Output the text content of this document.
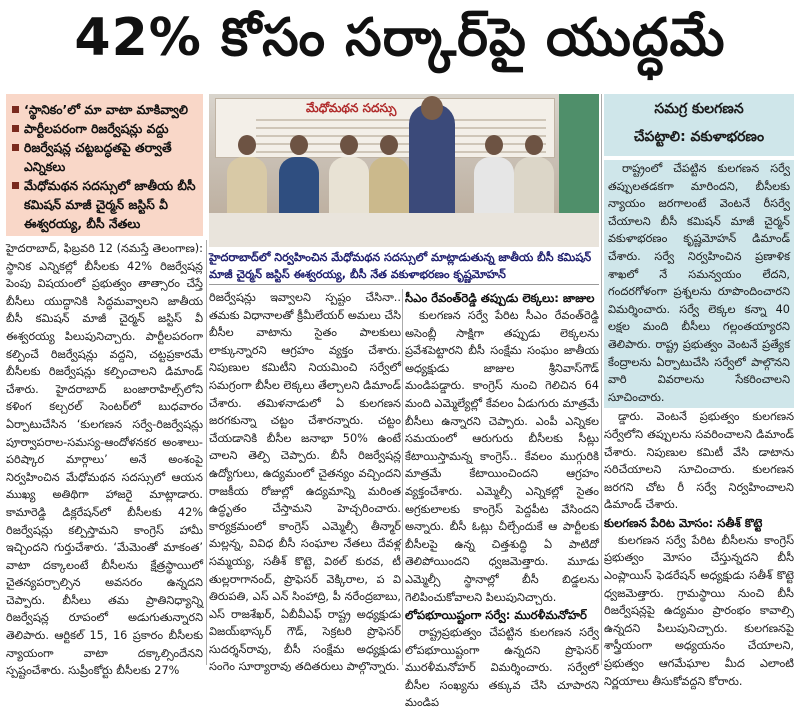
42% కోసం సర్కార్‌పై యుద్ధమే
‘స్థానికం’లో మా వాటా మాకివ్వాలి
పార్టీలపరంగా రిజర్వేషన్లు వద్దు
రిజర్వేషన్ల చట్టబద్ధతపై తర్వాతే ఎన్నికలు
మేధోమథన సదస్సులో జాతీయ బీసీ కమిషన్ మాజీ చైర్మన్ జస్టిస్ వీ ఈశ్వరయ్య, బీసీ నేతలు
మేధోమథన సదస్సు
హైదరాబాద్‌లో నిర్వహించిన మేధోమథన సదస్సులో మాట్లాడుతున్న జాతీయ బీసీ కమిషన్ మాజీ చైర్మన్ జస్టిస్ ఈశ్వరయ్య, బీసీ నేత వకుళాభరణం కృష్ణమోహన్
సమగ్ర కులగణన
చేపట్టాలి: వకుళాభరణం

హైదరాబాద్, ఫిబ్రవరి 12 (నమస్తే తెలంగాణ): స్థానిక ఎన్నికల్లో బీసీలకు 42% రిజర్వేషన్ల పెంపు విషయంలో ప్రభుత్వం తాత్సారం చేస్తే బీసీలు యుద్ధానికి సిద్ధమవ్వాలని జాతీయ బీసీ కమిషన్ మాజీ చైర్మన్ జస్టిస్ వీ ఈశ్వరయ్య పిలుపునిచ్చారు. పార్టీలపరంగా కల్పించే రిజర్వేషన్లు వద్దని, చట్టప్రకారమే బీసీలకు రిజర్వేషన్లు కల్పించాలని డిమాండ్ చేశారు. హైదరాబాద్ బంజారాహిల్స్‌లోని కళింగ కల్చరల్ సెంటర్‌లో బుధవారం ఏర్పాటుచేసిన ‘కులగణన సర్వే-రిజర్వేషన్లు పూర్వాపరాల-సమస్య-ఆందోళనకర అంశాలు-పరిష్కార మార్గాలు’ అనే అంశంపై నిర్వహించిన మేధోమథన సదస్సులో ఆయన ముఖ్య అతిథిగా హాజరై మాట్లాడారు. కామారెడ్డి డిక్లరేషన్‌లో బీసీలకు 42% రిజర్వేషన్లు కల్పిస్తామని కాంగ్రెస్ హామీ ఇచ్చిందని గుర్తుచేశారు. ‘మేమెంతో మాకంత’ వాటా దక్కాలంటే బీసీలను క్షేత్రస్థాయిలో చైతన్యపర్చాల్సిన అవసరం ఉన్నదని చెప్పారు. బీసీలు తమ ప్రాతినిధ్యాన్ని రిజర్వేషన్ల రూపంలో అడుగుతున్నారని తెలిపారు. ఆర్టికల్ 15, 16 ప్రకారం బీసీలకు న్యాయంగా వాటా దక్కాల్సిందేనని స్పష్టంచేశారు. సుప్రీంకోర్టు బీసీలకు 27%

రిజర్వేషన్లు ఇవ్వాలని స్పష్టం చేసినా.. తమకు విధానాలతో క్రీమీలేయర్ అమలు చేసి బీసీల వాటాను సైతం పాలకులు లాక్కున్నారని ఆగ్రహం వ్యక్తం చేశారు. నిపుణుల కమిటీని నియమించి సర్వేలో సమగ్రంగా బీసీల లెక్కలు తేల్చాలని డిమాండ్ చేశారు. తమిళనాడులో ఏ కులగణన జరగకున్నా చట్టం చేశారన్నారు. చట్టం చేయడానికి బీసీల జనాభా 50% ఉంటే చాలని తెల్పి చెప్పారు. బీసీ రిజర్వేషన్ల ఉద్యోగులు, ఉద్యమంలో చైతన్యం వచ్చిందని రాజకీయ రోజుల్లో ఉద్యమాన్ని మరింత ఉద్ధృతం చేస్తామని హెచ్చరించారు. కార్యక్రమంలో కాంగ్రెస్ ఎమ్మెల్సీ తీన్మార్ మల్లన్న, వివిధ బీసీ సంఘాల నేతలు దేవళ్ల సమ్మయ్య, సతీశ్ కొట్టె, విఠల్ కురవ, టీ తుల్లరాగానంద్, ప్రొఫెసర్ వెక్కిరాల, ప వి తిరుపతి, ఎస్ ఎన్ సింహాద్రి, పీ నరేంద్రబాబు, ఎస్ రాజశేఖర్, ఏబీవీఎఫ్ రాష్ట్ర అధ్యక్షుడు విజయ్‌భాస్కర్ గౌడ్, సెక్రటరి ప్రొఫెసర్ సుదర్శన్‌రావు, బీసీ సంక్షేమ అధ్యక్షుడు సంగెం సూర్యారావు తదితరులు పాల్గొన్నారు.

సీఎం రేవంత్‌రెడ్డి తప్పుడు లెక్కలు: జాజుల

కులగణన సర్వే పేరిట సీఎం రేవంత్‌రెడ్డి అసెంబ్లీ సాక్షిగా తప్పుడు లెక్కలను ప్రవేశపెట్టారని బీసీ సంక్షేమ సంఘం జాతీయ అధ్యక్షుడు జాజుల శ్రీనివాస్‌గౌడ్ మండిపడ్డారు. కాంగ్రెస్ నుంచి గెలిచిన 64 మంది ఎమ్మెల్యేల్లో కేవలం ఏడుగురు మాత్రమే బీసీలు ఉన్నారని చెప్పారు. ఎంపీ ఎన్నికల సమయంలో ఆరుగురు బీసీలకు సీట్లు కేటాయిస్తామన్న కాంగ్రెస్.. కేవలం ముగ్గురికి మాత్రమే కేటాయించిందని ఆగ్రహం వ్యక్తంచేశారు. ఎమ్మెల్సీ ఎన్నికల్లో సైతం అగ్రకులాలకు కాంగ్రెస్ పెద్దపీట వేసిందని అన్నారు. బీసీ ఓట్లు చీల్చేందుకే ఆ పార్టీలకు బీసీలపై ఉన్న చిత్తశుద్ధి ఏ పాటిదో తెలిపోయిందని ధ్వజమెత్తారు. మూడు ఎమ్మెల్సీ స్థానాల్లో బీసీ బిడ్డలను గెలిపించుకోవాలని పిలుపునిచ్చారు.

లోపభూయిష్టంగా సర్వే: మురళీమనోహర్

రాష్ట్రప్రభుత్వం చేపట్టిన కులగణన సర్వే లోపభూయిష్టంగా ఉన్నదని ప్రొఫెసర్ మురళీమనోహర్ విమర్శించారు. సర్వేలో బీసీల సంఖ్యను తక్కువ చేసి చూపారని మండిప

రాష్ట్రంలో చేపట్టిన కులగణన సర్వే తప్పులతడకగా మారిందని, బీసీలకు న్యాయం జరగాలంటే వెంటనే రీసర్వే చేయాలని బీసీ కమిషన్ మాజీ చైర్మన్ వకుళాభరణం కృష్ణమోహన్ డిమాండ్ చేశారు. సర్వే నిర్వహించిన ప్రణాళిక శాఖలో నే సమన్వయం లేదని, గందరగోళంగా ప్రశ్నలను రూపొందించారని విమర్శించారు. సర్వే లెక్కల కన్నా 40 లక్షల మంది బీసీలు గల్లంతయ్యారని తెలిపారు. రాష్ట్ర ప్రభుత్వం వెంటనే ప్రత్యేక కేంద్రాలను ఏర్పాటుచేసి సర్వేలో పాల్గొనని వారి వివరాలను సేకరించాలని సూచించారు.

డ్డారు. వెంటనే ప్రభుత్వం కులగణన సర్వేలోని తప్పులను సవరించాలని డిమాండ్ చేశారు. నిపుణుల కమిటీ వేసి డాటాను సరిచేయాలని సూచించారు. కులగణన జరగని చోట రీ సర్వే నిర్వహించాలని డిమాండ్ చేశారు.

కులగణన పేరిట మోసం: సతీశ్ కొట్టె

కులగణన సర్వే పేరిట బీసీలను కాంగ్రెస్ ప్రభుత్వం మోసం చేస్తున్నదని బీసీ ఎంప్లాయిస్ ఫెడరేషన్ అధ్యక్షుడు సతీశ్ కొట్టె ధ్వజమెత్తారు. గ్రామస్థాయి నుంచి బీసీ రిజర్వేషన్లపై ఉద్యమం ప్రారంభం కావాల్సి ఉన్నదని పిలుపునిచ్చారు. కులగణనపై శాస్త్రీయంగా అధ్యయనం చేయాలని, ప్రభుత్వం ఆగమేఘాల మీద ఎలాంటి నిర్ణయాలు తీసుకోవద్దని కోరారు.
